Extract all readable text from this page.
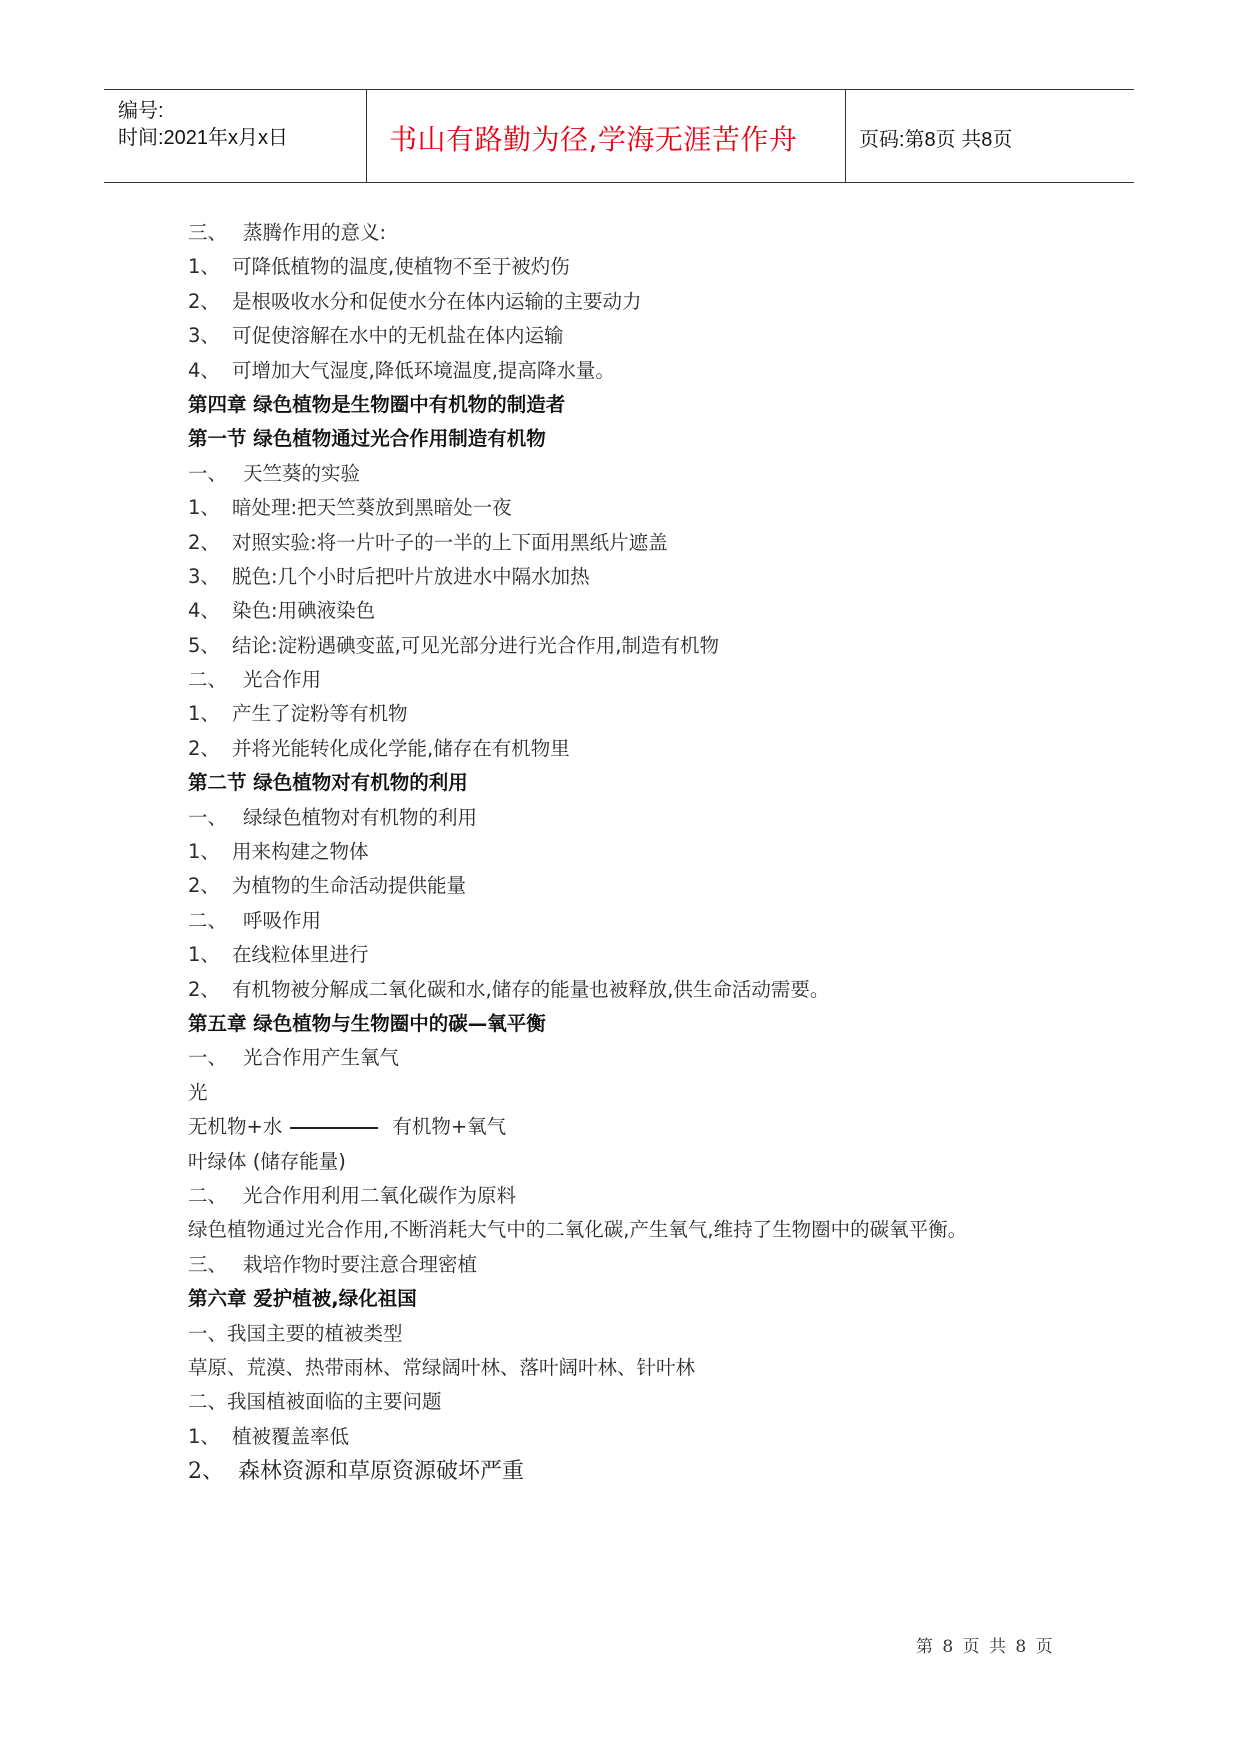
编号:
时间:2021年x月x日	书山有路勤为径,学海无涯苦作舟	页码:第8页 共8页
三、 蒸腾作用的意义:
1、 可降低植物的温度,使植物不至于被灼伤
2、 是根吸收水分和促使水分在体内运输的主要动力
3、 可促使溶解在水中的无机盐在体内运输
4、 可增加大气湿度,降低环境温度,提高降水量。
第四章 绿色植物是生物圈中有机物的制造者
第一节 绿色植物通过光合作用制造有机物
一、 天竺葵的实验
1、 暗处理:把天竺葵放到黑暗处一夜
2、 对照实验:将一片叶子的一半的上下面用黑纸片遮盖
3、 脱色:几个小时后把叶片放进水中隔水加热
4、 染色:用碘液染色
5、 结论:淀粉遇碘变蓝,可见光部分进行光合作用,制造有机物
二、 光合作用
1、 产生了淀粉等有机物
2、 并将光能转化成化学能,储存在有机物里
第二节 绿色植物对有机物的利用
一、 绿绿色植物对有机物的利用
1、 用来构建之物体
2、 为植物的生命活动提供能量
二、 呼吸作用
1、 在线粒体里进行
2、 有机物被分解成二氧化碳和水,储存的能量也被释放,供生命活动需要。
第五章 绿色植物与生物圈中的碳—氧平衡
一、 光合作用产生氧气
光
无机物+水	有机物+氧气
叶绿体 (储存能量)
二、 光合作用利用二氧化碳作为原料
绿色植物通过光合作用,不断消耗大气中的二氧化碳,产生氧气,维持了生物圈中的碳氧平衡。
三、 栽培作物时要注意合理密植
第六章 爱护植被,绿化祖国
一、我国主要的植被类型
草原、荒漠、热带雨林、常绿阔叶林、落叶阔叶林、针叶林
二、我国植被面临的主要问题
1、 植被覆盖率低
2、 森林资源和草原资源破坏严重
第 8 页 共 8 页
